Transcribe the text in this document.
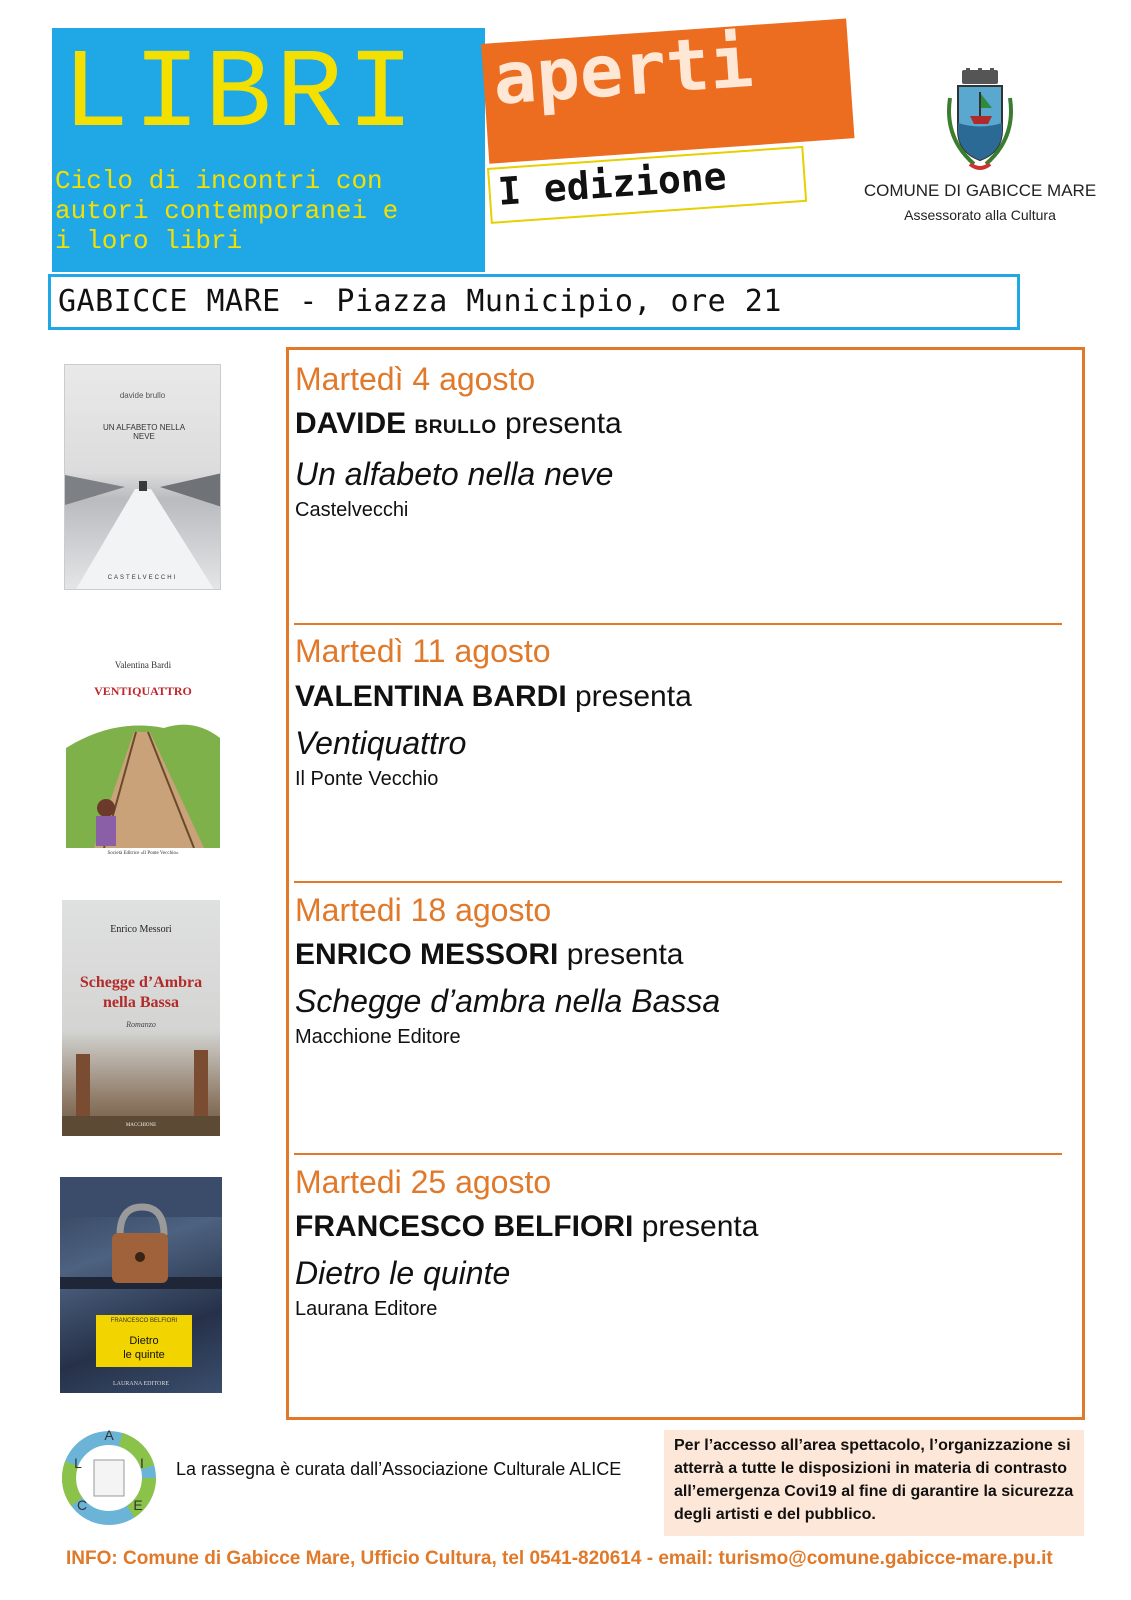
LIBRI
Ciclo di incontri con
autori contemporanei e
i loro libri
aperti
I edizione	COMUNE DI GABICCE MARE
Assessorato alla Cultura
GABICCE MARE - Piazza Municipio, ore 21
Martedì 4 agosto
DAVIDE BRULLO presenta
Un alfabeto nella neve
Castelvecchi
Martedì 11 agosto
VALENTINA BARDI presenta
Ventiquattro
Il Ponte Vecchio
Martedi 18 agosto
ENRICO MESSORI presenta
Schegge d’ambra nella Bassa
Macchione Editore
Martedi 25 agosto
FRANCESCO BELFIORI presenta
Dietro le quinte
Laurana Editore
davide brullo
UN ALFABETO NELLA NEVE
CASTELVECCHI
Valentina Bardi
VENTIQUATTRO
Società Editrice «Il Ponte Vecchio»
Enrico Messori
Schegge d’Ambra
nella Bassa
Romanzo
MACCHIONE
FRANCESCO BELFIORI
Dietro
le quinte
LAURANA EDITORE
A
L	I
C	E
La rassegna è curata dall’Associazione Culturale ALICE
Per l’accesso all’area spettacolo, l’organizzazione si atterrà a tutte le disposizioni in materia di contrasto all’emergenza Covi19 al fine di garantire la sicurezza degli artisti e del pubblico.
INFO: Comune di Gabicce Mare, Ufficio Cultura, tel 0541-820614 - email: turismo@comune.gabicce-mare.pu.it
